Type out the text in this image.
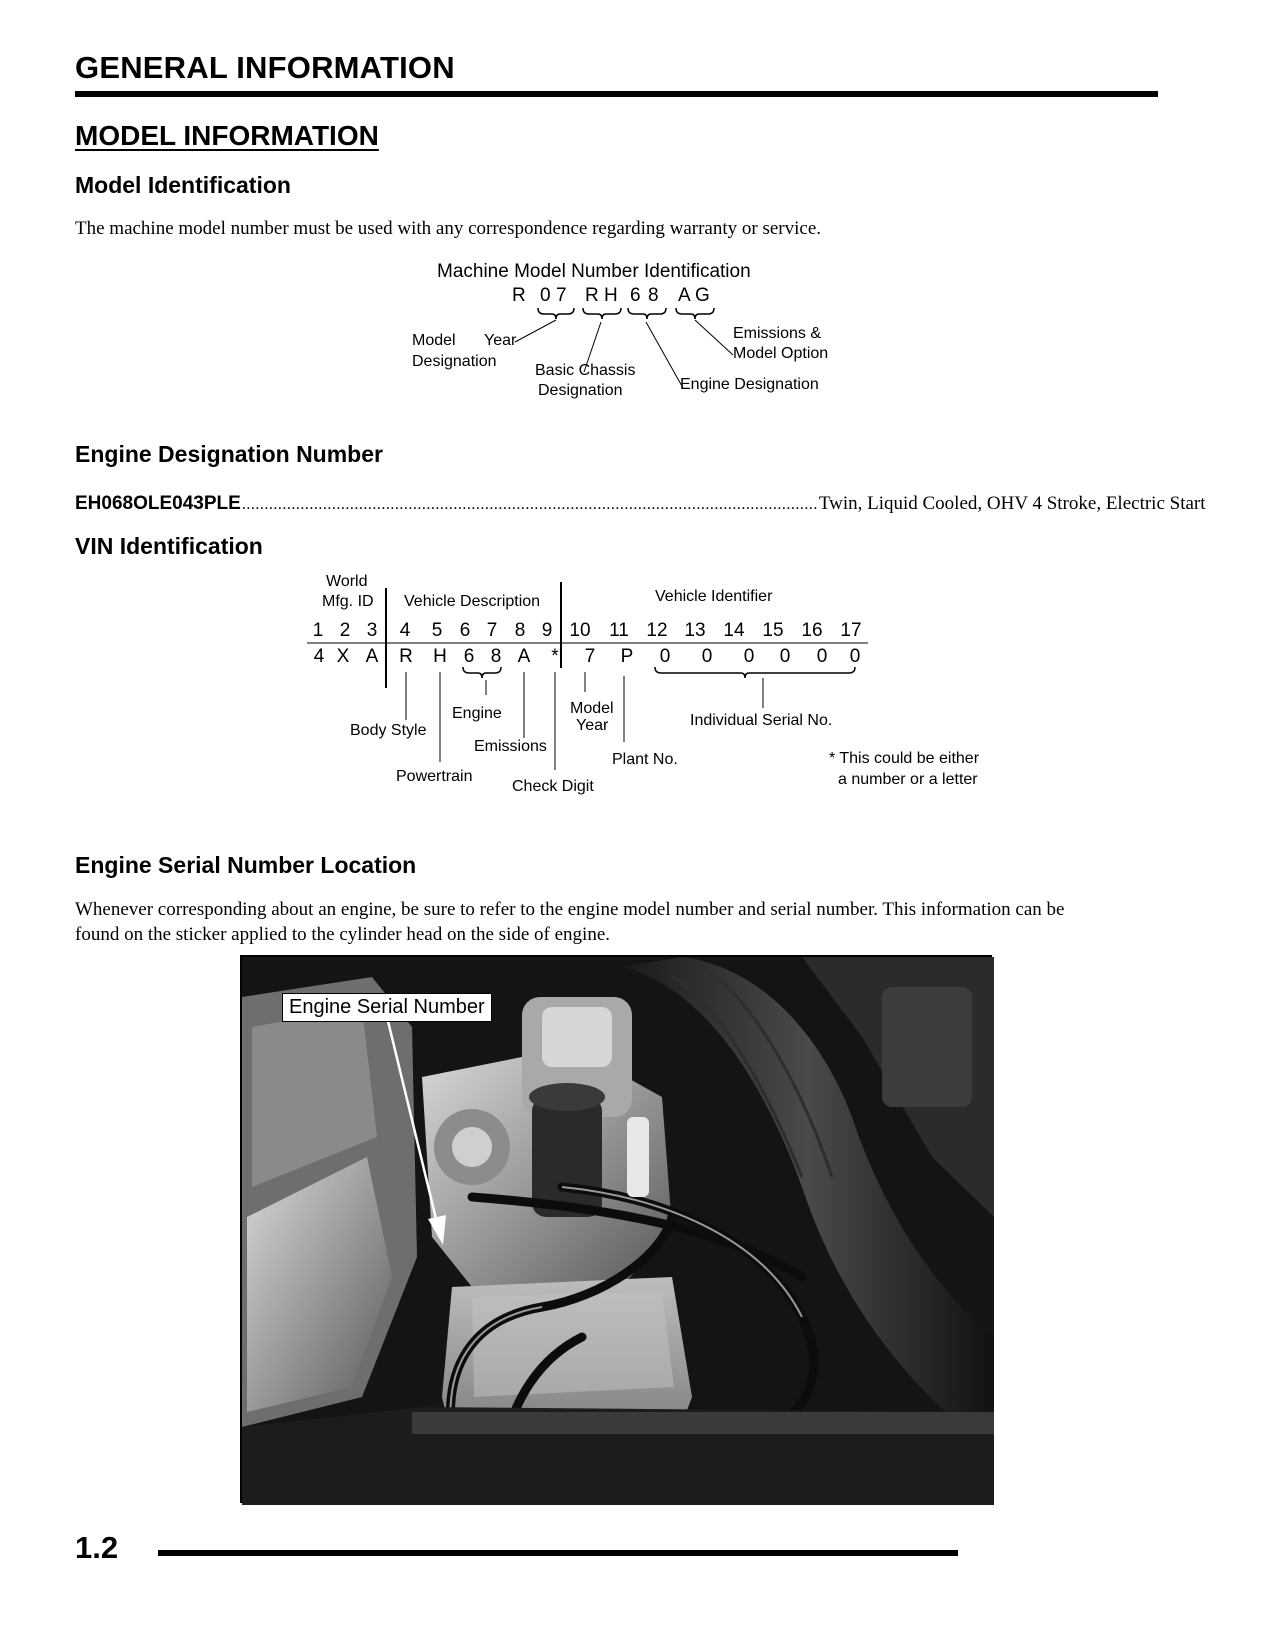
GENERAL INFORMATION
MODEL INFORMATION
Model Identification
The machine model number must be used with any correspondence regarding warranty or service.
Machine Model Number Identification
R 0 7 R H 6 8 A G
Model
Designation
Year
Basic Chassis
Designation	Engine Designation
Emissions &
Model Option
Engine Designation Number
EH068OLE043PLE ................................................................................................................................ Twin, Liquid Cooled, OHV 4 Stroke, Electric Start
VIN Identification
World
Mfg. ID Vehicle Description	Vehicle Identifier
1 2 3 4 5 6 7 8 9 10 11 12 13 14 15 16 17
4 X A R H 6 8 A * 7 P 0 0 0 0 0 0
Body Style
Powertrain
Engine
Emissions
Check Digit
Model
Year
Plant No.
Individual Serial No.
* This could be either
a number or a letter
Engine Serial Number Location
Whenever corresponding about an engine, be sure to refer to the engine model number and serial number. This information can be
found on the sticker applied to the cylinder head on the side of engine.
Engine Serial Number
1.2
